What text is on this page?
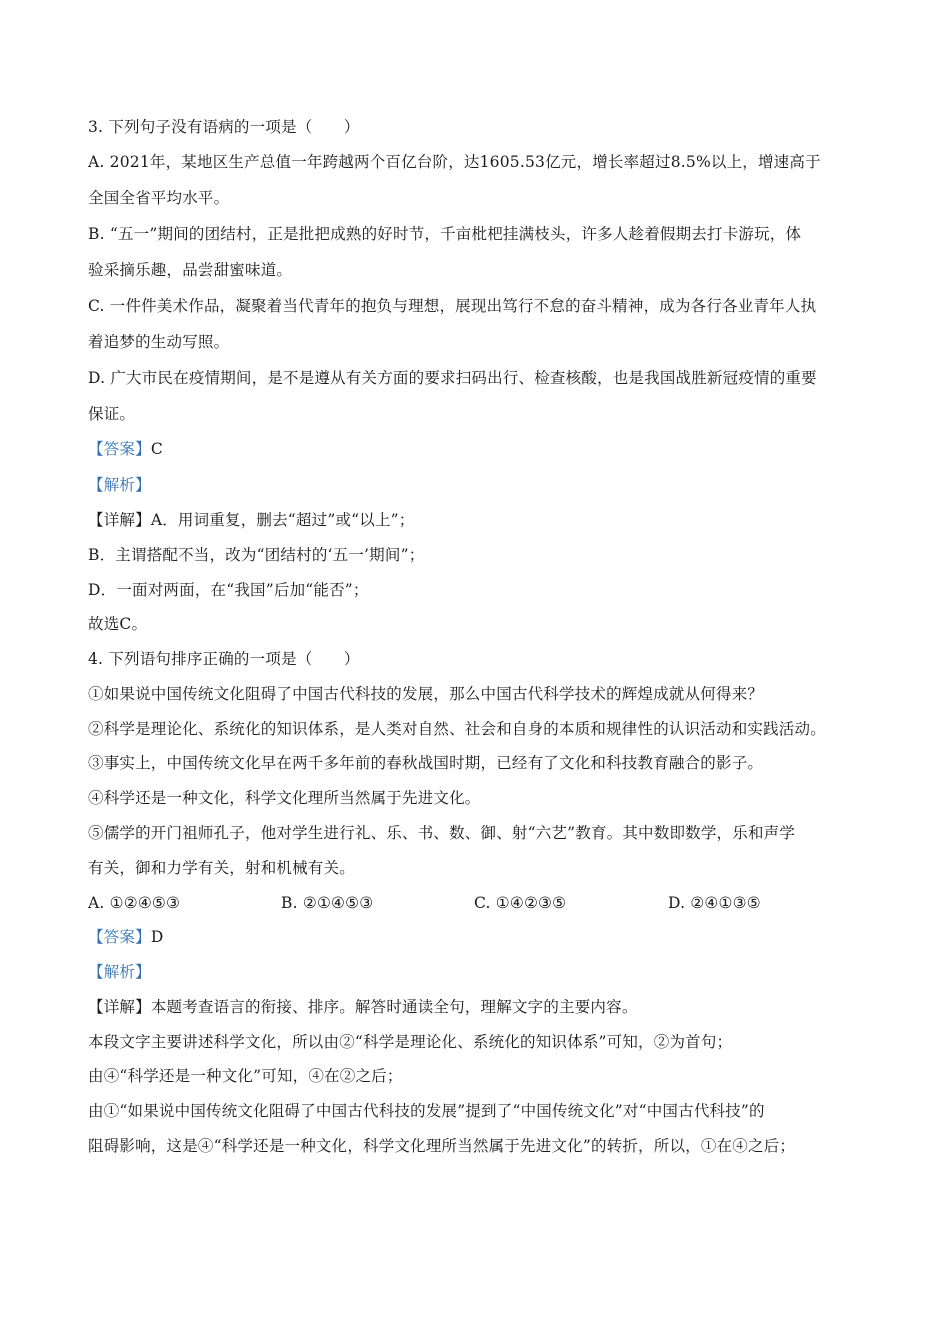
3. 下列句子没有语病的一项是（　　）
A. 2021年，某地区生产总值一年跨越两个百亿台阶，达1605.53亿元，增长率超过8.5%以上，增速高于
全国全省平均水平。
B. “五一”期间的团结村，正是批把成熟的好时节，千亩枇杷挂满枝头，许多人趁着假期去打卡游玩，体
验采摘乐趣，品尝甜蜜味道。
C. 一件件美术作品，凝聚着当代青年的抱负与理想，展现出笃行不怠的奋斗精神，成为各行各业青年人执
着追梦的生动写照。
D. 广大市民在疫情期间，是不是遵从有关方面的要求扫码出行、检查核酸，也是我国战胜新冠疫情的重要
保证。
【答案】C
【解析】
【详解】A．用词重复，删去“超过”或“以上”；
B．主谓搭配不当，改为“团结村的‘五一’期间”；
D．一面对两面，在“我国”后加“能否”；
故选C。
4. 下列语句排序正确的一项是（　　）
①如果说中国传统文化阻碍了中国古代科技的发展，那么中国古代科学技术的辉煌成就从何得来？
②科学是理论化、系统化的知识体系，是人类对自然、社会和自身的本质和规律性的认识活动和实践活动。
③事实上，中国传统文化早在两千多年前的春秋战国时期，已经有了文化和科技教育融合的影子。
④科学还是一种文化，科学文化理所当然属于先进文化。
⑤儒学的开门祖师孔子，他对学生进行礼、乐、书、数、御、射“六艺”教育。其中数即数学，乐和声学
有关，御和力学有关，射和机械有关。
A. ①②④⑤③	B. ②①④⑤③	C. ①④②③⑤	D. ②④①③⑤
【答案】D
【解析】
【详解】本题考查语言的衔接、排序。解答时通读全句，理解文字的主要内容。
本段文字主要讲述科学文化，所以由②“科学是理论化、系统化的知识体系”可知，②为首句；
由④“科学还是一种文化”可知，④在②之后；
由①“如果说中国传统文化阻碍了中国古代科技的发展”提到了“中国传统文化”对“中国古代科技”的
阻碍影响，这是④“科学还是一种文化，科学文化理所当然属于先进文化”的转折，所以，①在④之后；
